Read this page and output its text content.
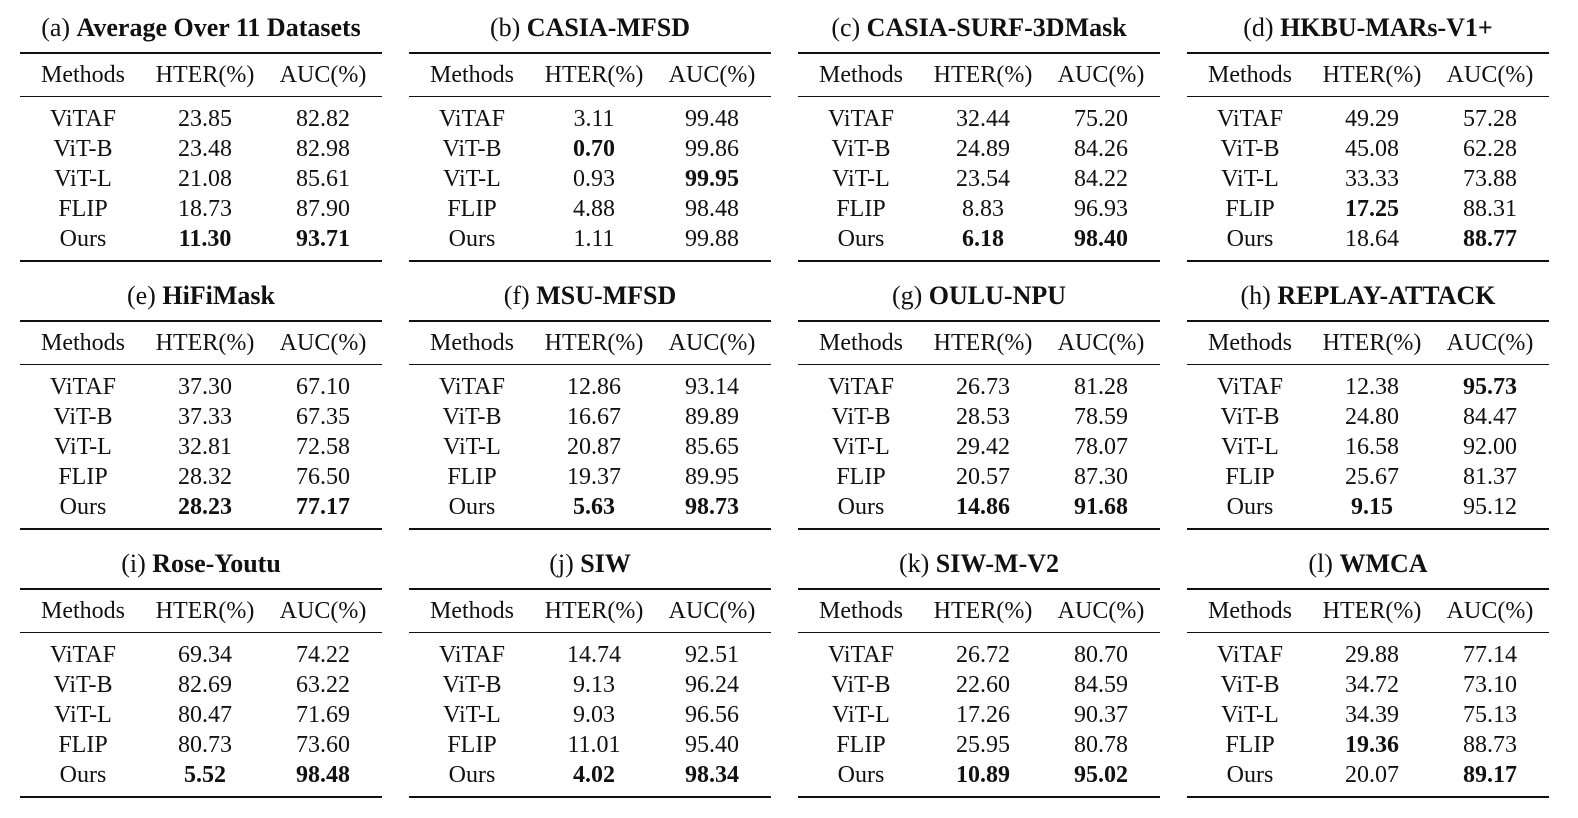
(a) Average Over 11 Datasets
Methods	HTER(%)	AUC(%)
ViTAF	23.85	82.82
ViT-B	23.48	82.98
ViT-L	21.08	85.61
FLIP	18.73	87.90
Ours	11.30	93.71
(b) CASIA-MFSD
Methods	HTER(%)	AUC(%)
ViTAF	3.11	99.48
ViT-B	0.70	99.86
ViT-L	0.93	99.95
FLIP	4.88	98.48
Ours	1.11	99.88
(c) CASIA-SURF-3DMask
Methods	HTER(%)	AUC(%)
ViTAF	32.44	75.20
ViT-B	24.89	84.26
ViT-L	23.54	84.22
FLIP	8.83	96.93
Ours	6.18	98.40
(d) HKBU-MARs-V1+
Methods	HTER(%)	AUC(%)
ViTAF	49.29	57.28
ViT-B	45.08	62.28
ViT-L	33.33	73.88
FLIP	17.25	88.31
Ours	18.64	88.77
(e) HiFiMask
Methods	HTER(%)	AUC(%)
ViTAF	37.30	67.10
ViT-B	37.33	67.35
ViT-L	32.81	72.58
FLIP	28.32	76.50
Ours	28.23	77.17
(f) MSU-MFSD
Methods	HTER(%)	AUC(%)
ViTAF	12.86	93.14
ViT-B	16.67	89.89
ViT-L	20.87	85.65
FLIP	19.37	89.95
Ours	5.63	98.73
(g) OULU-NPU
Methods	HTER(%)	AUC(%)
ViTAF	26.73	81.28
ViT-B	28.53	78.59
ViT-L	29.42	78.07
FLIP	20.57	87.30
Ours	14.86	91.68
(h) REPLAY-ATTACK
Methods	HTER(%)	AUC(%)
ViTAF	12.38	95.73
ViT-B	24.80	84.47
ViT-L	16.58	92.00
FLIP	25.67	81.37
Ours	9.15	95.12
(i) Rose-Youtu
Methods	HTER(%)	AUC(%)
ViTAF	69.34	74.22
ViT-B	82.69	63.22
ViT-L	80.47	71.69
FLIP	80.73	73.60
Ours	5.52	98.48
(j) SIW
Methods	HTER(%)	AUC(%)
ViTAF	14.74	92.51
ViT-B	9.13	96.24
ViT-L	9.03	96.56
FLIP	11.01	95.40
Ours	4.02	98.34
(k) SIW-M-V2
Methods	HTER(%)	AUC(%)
ViTAF	26.72	80.70
ViT-B	22.60	84.59
ViT-L	17.26	90.37
FLIP	25.95	80.78
Ours	10.89	95.02
(l) WMCA
Methods	HTER(%)	AUC(%)
ViTAF	29.88	77.14
ViT-B	34.72	73.10
ViT-L	34.39	75.13
FLIP	19.36	88.73
Ours	20.07	89.17
